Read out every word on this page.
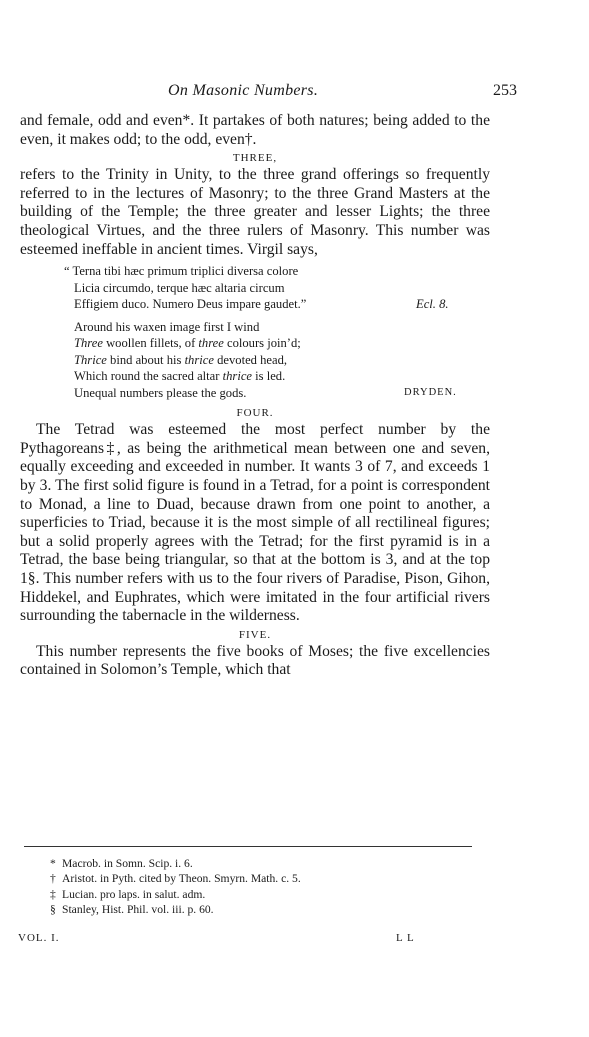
On Masonic Numbers.	253

and female, odd and even*. It partakes of both natures; being added to the even, it makes odd; to the odd, even†.

THREE,

refers to the Trinity in Unity, to the three grand offerings so frequently referred to in the lectures of Masonry; to the three Grand Masters at the building of the Temple; the three greater and lesser Lights; the three theological Virtues, and the three rulers of Masonry. This number was esteemed ineffable in ancient times. Virgil says,

“ Terna tibi hæc primum triplici diversa colore
Licia circumdo, terque hæc altaria circum
Effigiem duco. Numero Deus impare gaudet.”	Ecl. 8.
Around his waxen image first I wind
Three woollen fillets, of three colours join’d;
Thrice bind about his thrice devoted head,
Which round the sacred altar thrice is led.
Unequal numbers please the gods.	DRYDEN.
FOUR.

The Tetrad was esteemed the most perfect number by the Pythagoreans‡, as being the arithmetical mean between one and seven, equally exceeding and exceeded in number. It wants 3 of 7, and exceeds 1 by 3. The first solid figure is found in a Tetrad, for a point is correspondent to Monad, a line to Duad, because drawn from one point to another, a superficies to Triad, because it is the most simple of all rectilineal figures; but a solid properly agrees with the Tetrad; for the first pyramid is in a Tetrad, the base being triangular, so that at the bottom is 3, and at the top 1§. This number refers with us to the four rivers of Paradise, Pison, Gihon, Hiddekel, and Euphrates, which were imitated in the four artificial rivers surrounding the tabernacle in the wilderness.

FIVE.

This number represents the five books of Moses; the five excellencies contained in Solomon’s Temple, which that

* Macrob. in Somn. Scip. i. 6.
† Aristot. in Pyth. cited by Theon. Smyrn. Math. c. 5.
‡ Lucian. pro laps. in salut. adm.
§ Stanley, Hist. Phil. vol. iii. p. 60.
VOL. I.	L L
